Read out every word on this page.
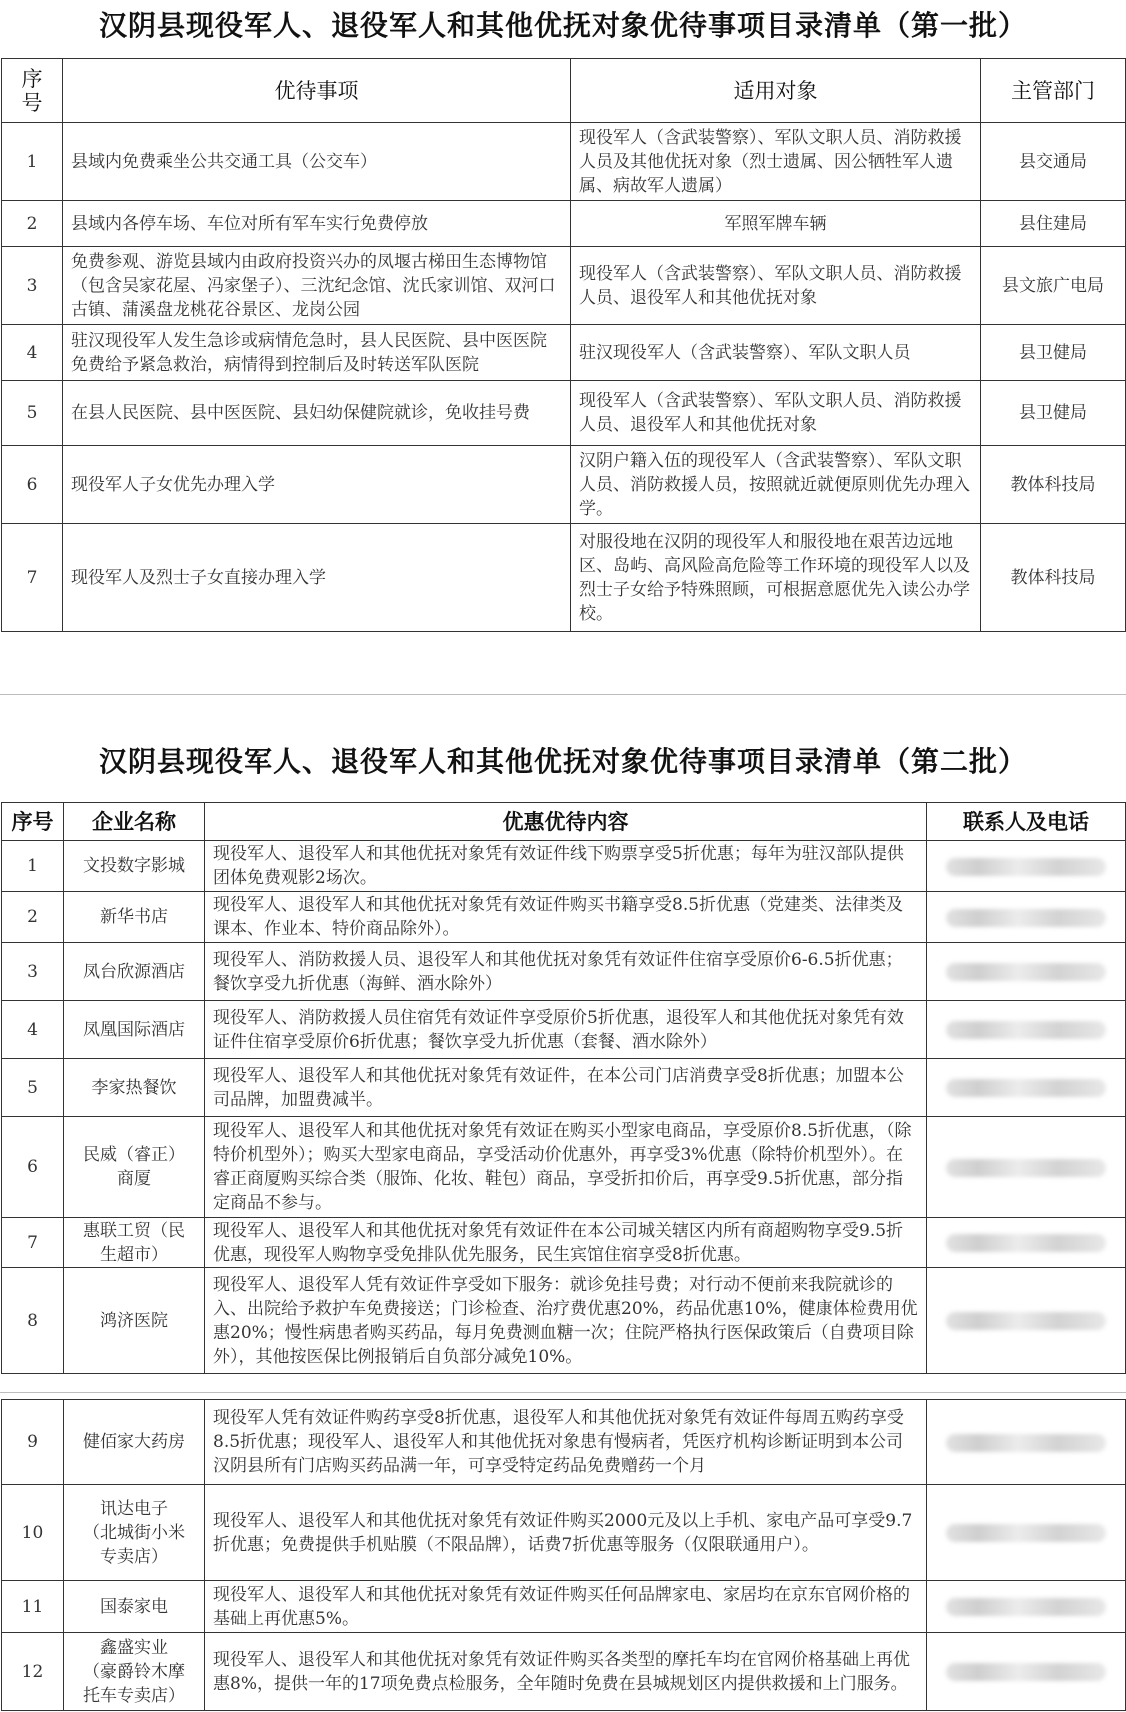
汉阴县现役军人、退役军人和其他优抚对象优待事项目录清单（第一批）
序
号	优待事项	适用对象	主管部门
1	县域内免费乘坐公共交通工具（公交车）	现役军人（含武装警察）、军队文职人员、消防救援人员及其他优抚对象（烈士遗属、因公牺牲军人遗属、病故军人遗属）	县交通局
2	县域内各停车场、车位对所有军车实行免费停放	军照军牌车辆	县住建局
3	免费参观、游览县域内由政府投资兴办的凤堰古梯田生态博物馆（包含吴家花屋、冯家堡子）、三沈纪念馆、沈氏家训馆、双河口古镇、蒲溪盘龙桃花谷景区、龙岗公园	现役军人（含武装警察）、军队文职人员、消防救援人员、退役军人和其他优抚对象	县文旅广电局
4	驻汉现役军人发生急诊或病情危急时，县人民医院、县中医医院免费给予紧急救治，病情得到控制后及时转送军队医院	驻汉现役军人（含武装警察）、军队文职人员	县卫健局
5	在县人民医院、县中医医院、县妇幼保健院就诊，免收挂号费	现役军人（含武装警察）、军队文职人员、消防救援人员、退役军人和其他优抚对象	县卫健局
6	现役军人子女优先办理入学	汉阴户籍入伍的现役军人（含武装警察）、军队文职人员、消防救援人员，按照就近就便原则优先办理入学。	教体科技局
7	现役军人及烈士子女直接办理入学	对服役地在汉阴的现役军人和服役地在艰苦边远地区、岛屿、高风险高危险等工作环境的现役军人以及烈士子女给予特殊照顾，可根据意愿优先入读公办学校。	教体科技局
汉阴县现役军人、退役军人和其他优抚对象优待事项目录清单（第二批）
序号	企业名称	优惠优待内容	联系人及电话
1	文投数字影城	现役军人、退役军人和其他优抚对象凭有效证件线下购票享受5折优惠；每年为驻汉部队提供团体免费观影2场次。	
2	新华书店	现役军人、退役军人和其他优抚对象凭有效证件购买书籍享受8.5折优惠（党建类、法律类及课本、作业本、特价商品除外）。	
3	凤台欣源酒店	现役军人、消防救援人员、退役军人和其他优抚对象凭有效证件住宿享受原价6-6.5折优惠；餐饮享受九折优惠（海鲜、酒水除外）	
4	凤凰国际酒店	现役军人、消防救援人员住宿凭有效证件享受原价5折优惠，退役军人和其他优抚对象凭有效证件住宿享受原价6折优惠；餐饮享受九折优惠（套餐、酒水除外）	
5	李家热餐饮	现役军人、退役军人和其他优抚对象凭有效证件，在本公司门店消费享受8折优惠；加盟本公司品牌，加盟费减半。	
6	民威（睿正）
商厦	现役军人、退役军人和其他优抚对象凭有效证在购买小型家电商品，享受原价8.5折优惠，（除特价机型外）；购买大型家电商品，享受活动价优惠外，再享受3%优惠（除特价机型外）。在睿正商厦购买综合类（服饰、化妆、鞋包）商品，享受折扣价后，再享受9.5折优惠，部分指定商品不参与。	
7	惠联工贸（民
生超市）	现役军人、退役军人和其他优抚对象凭有效证件在本公司城关辖区内所有商超购物享受9.5折优惠，现役军人购物享受免排队优先服务，民生宾馆住宿享受8折优惠。	
8	鸿济医院	现役军人、退役军人凭有效证件享受如下服务：就诊免挂号费；对行动不便前来我院就诊的入、出院给予救护车免费接送；门诊检查、治疗费优惠20%，药品优惠10%，健康体检费用优惠20%；慢性病患者购买药品，每月免费测血糖一次；住院严格执行医保政策后（自费项目除外），其他按医保比例报销后自负部分减免10%。	
9	健佰家大药房	现役军人凭有效证件购药享受8折优惠，退役军人和其他优抚对象凭有效证件每周五购药享受8.5折优惠；现役军人、退役军人和其他优抚对象患有慢病者，凭医疗机构诊断证明到本公司汉阴县所有门店购买药品满一年，可享受特定药品免费赠药一个月	
10	讯达电子
（北城街小米
专卖店）	现役军人、退役军人和其他优抚对象凭有效证件购买2000元及以上手机、家电产品可享受9.7折优惠；免费提供手机贴膜（不限品牌），话费7折优惠等服务（仅限联通用户）。	
11	国泰家电	现役军人、退役军人和其他优抚对象凭有效证件购买任何品牌家电、家居均在京东官网价格的基础上再优惠5%。	
12	鑫盛实业
（豪爵铃木摩
托车专卖店）	现役军人、退役军人和其他优抚对象凭有效证件购买各类型的摩托车均在官网价格基础上再优惠8%，提供一年的17项免费点检服务，全年随时免费在县城规划区内提供救援和上门服务。	
